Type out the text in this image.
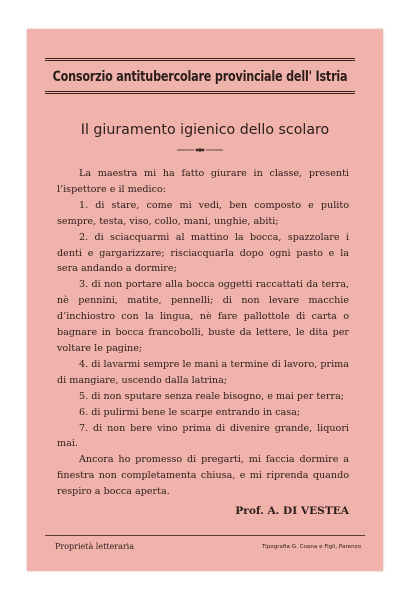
Consorzio antitubercolare provinciale dell' Istria
Il giuramento igienico dello scolaro

La maestra mi ha fatto giurare in classe, presenti l’ispettore e il medico:

1. di stare, come mi vedi, ben composto e pulito sempre, testa, viso, collo, mani, unghie, abiti;

2. di sciacquarmi al mattino la bocca, spazzolare i denti e gargarizzare; risciacquarla dopo ogni pasto e la sera andando a dormire;

3. di non portare alla bocca oggetti raccattati da terra, nè pennini, matite, pennelli; di non levare macchie d’inchiostro con la lingua, nè fare pallottole di carta o bagnare in bocca francobolli, buste da lettere, le dita per voltare le pagine;

4. di lavarmi sempre le mani a termine di lavoro, prima di mangiare, uscendo dalla latrina;

5. di non sputare senza reale bisogno, e mai per terra;

6. di pulirmi bene le scarpe entrando in casa;

7. di non bere vino prima di divenire grande, liquori mai.

Ancora ho promesso di pregarti, mi faccia dormire a finestra non completamenta chiusa, e mi riprenda quando respiro a bocca aperta.

Prof. A. DI VESTEA
Proprietà letteraria	Tipografia G. Coana e Figli, Parenzo
